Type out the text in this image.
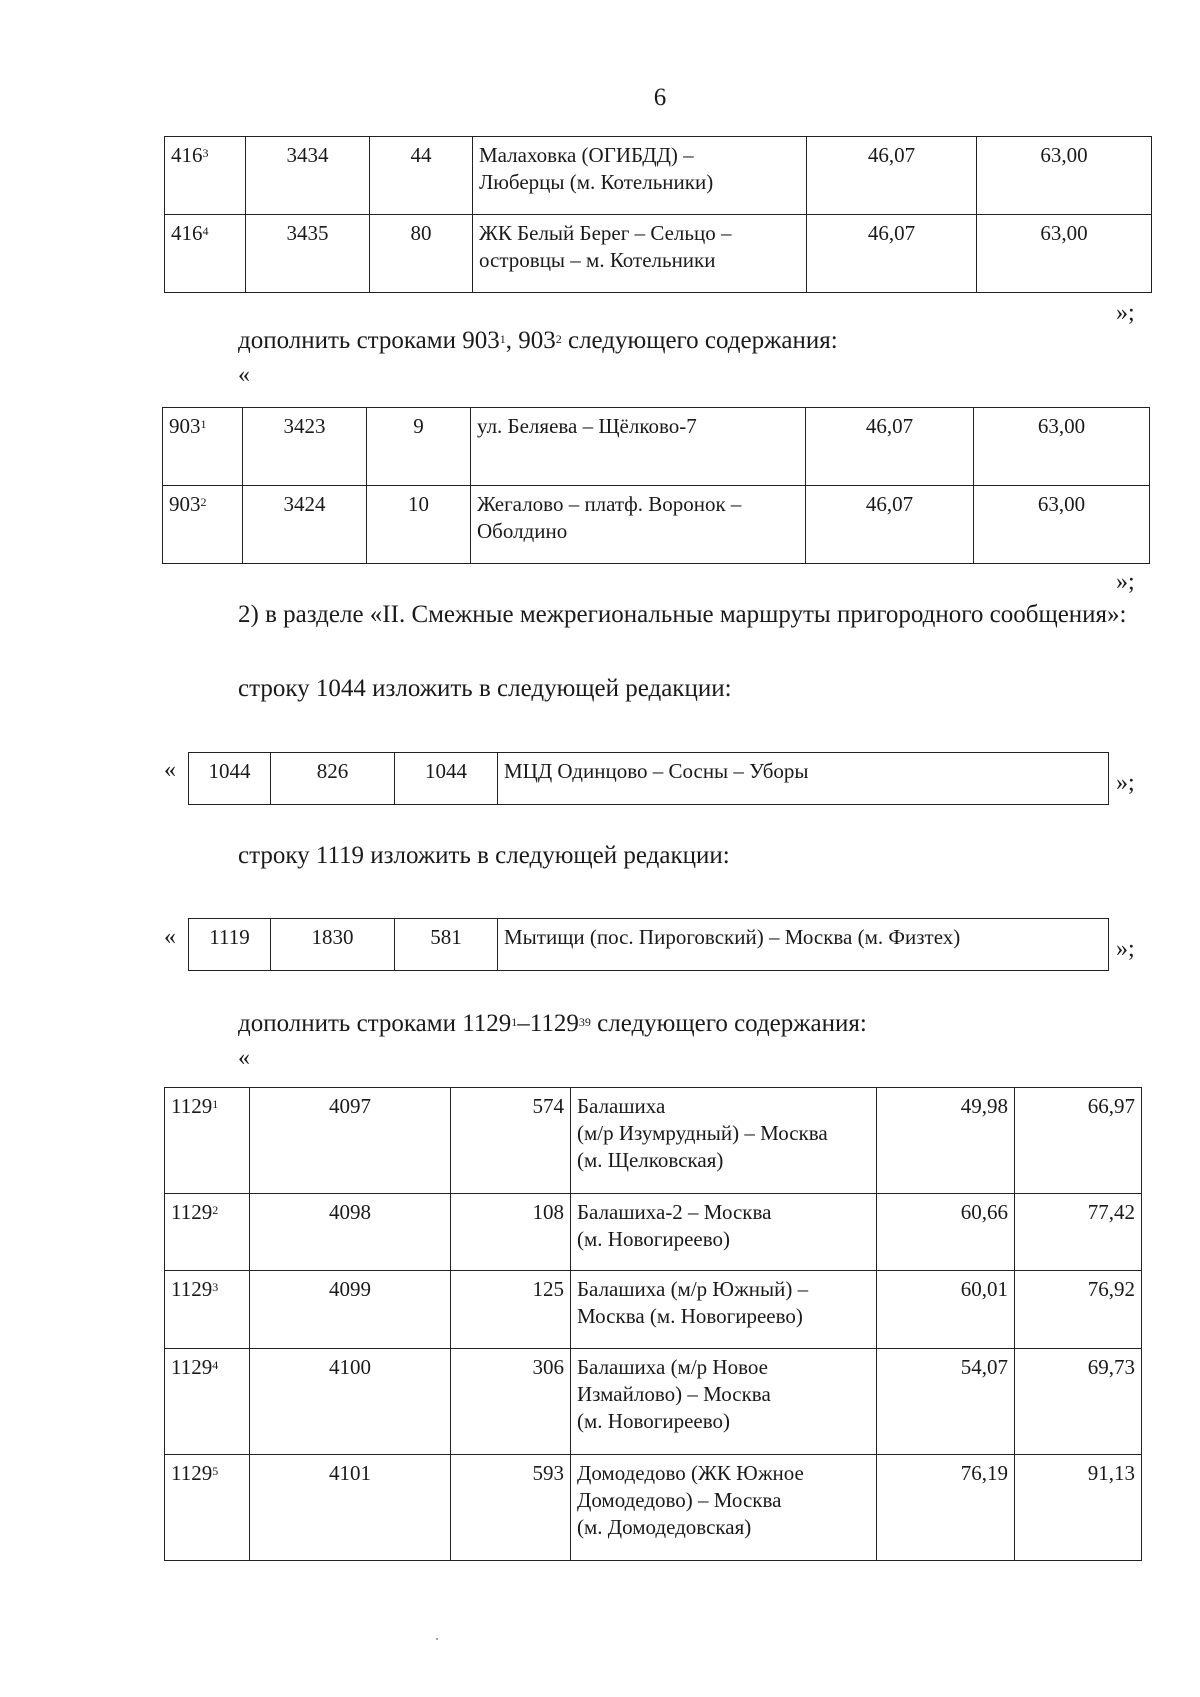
6
$416^3$	3434	44	Малаховка (ОГИБДД) –
Люберцы (м. Котельники)	46,07	63,00
$416^4$	3435	80	ЖК Белый Берег – Сельцо –
островцы – м. Котельники	46,07	63,00
»;
дополнить строками $903^1$, $903^2$ следующего содержания:
«
$903^1$	3423	9	ул. Беляева – Щёлково-7	46,07	63,00
$903^2$	3424	10	Жегалово – платф. Воронок –
Оболдино	46,07	63,00
»;
2) в разделе «II. Смежные межрегиональные маршруты пригородного сообщения»:
строку 1044 изложить в следующей редакции:
« 1044	826	1044	МЦД Одинцово – Сосны – Уборы	»;
строку 1119 изложить в следующей редакции:
« 1119	1830	581	Мытищи (пос. Пироговский) – Москва (м. Физтех)	»;
дополнить строками 1129$^1$–1129$^{39}$ следующего содержания:
«
1129$^1$	4097	574	Балашиха
(м/р Изумрудный) – Москва
(м. Щелковская)	49,98	66,97
1129$^2$	4098	108	Балашиха-2 – Москва
(м. Новогиреево)	60,66	77,42
1129$^3$	4099	125	Балашиха (м/р Южный) –
Москва (м. Новогиреево)	60,01	76,92
1129$^4$	4100	306	Балашиха (м/р Новое
Измайлово) – Москва
(м. Новогиреево)	54,07	69,73
1129$^5$	4101	593	Домодедово (ЖК Южное
Домодедово) – Москва
(м. Домодедовская)	76,19	91,13
